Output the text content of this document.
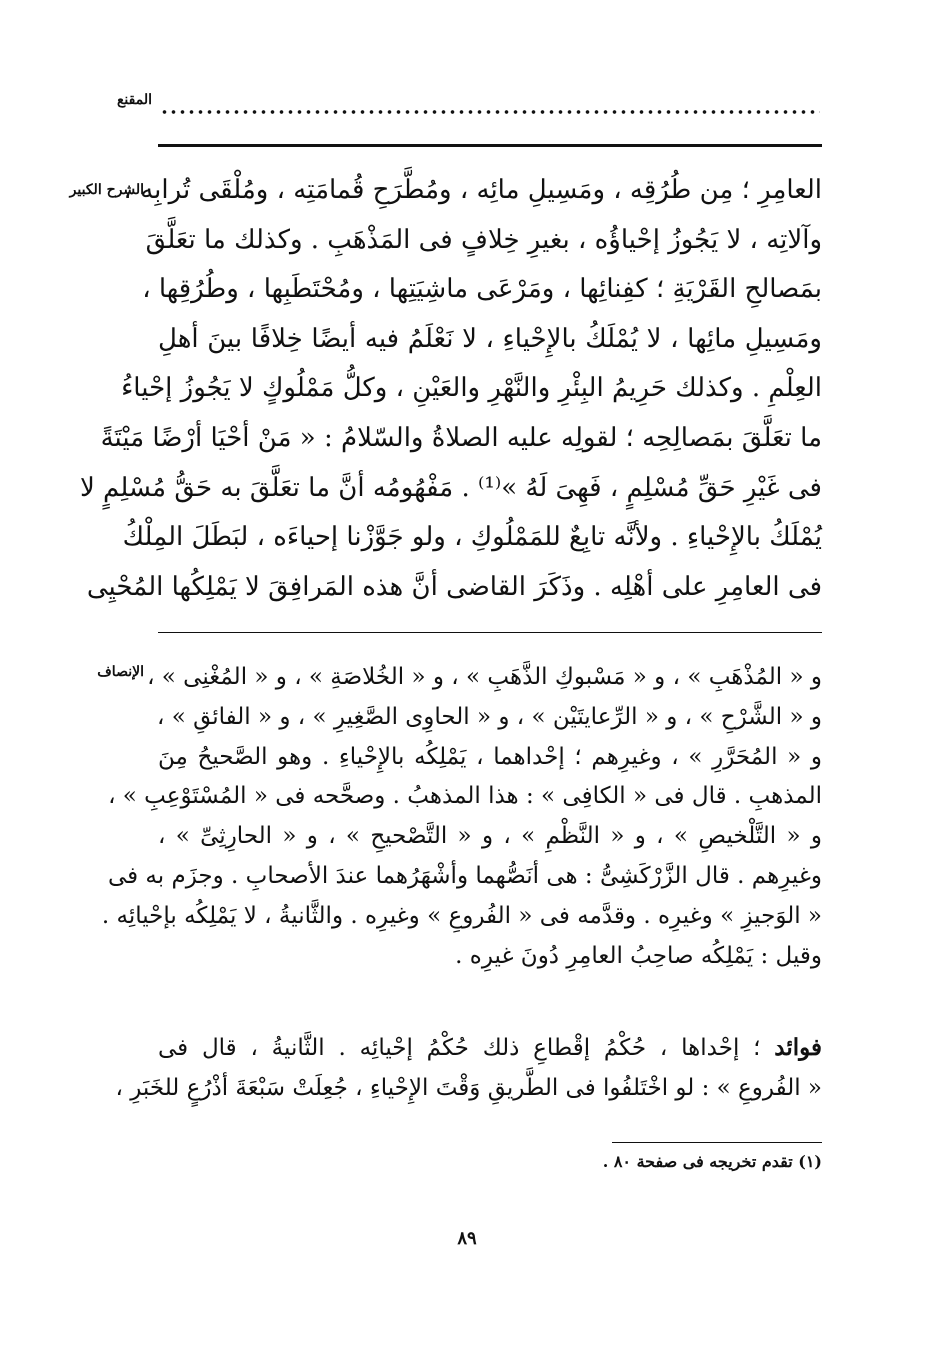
المقنع
الشرح الكبير
العامِرِ ؛ مِن طُرُقِه ، ومَسِيلِ مائِه ، ومُطَّرَحِ قُمامَتِه ، ومُلْقَى تُرابِه ،
وآلاتِه ، لا يَجُوزُ إحْياؤُه ، بغيرِ خِلافٍ فى المَذْهَبِ . وكذلك ما تعَلَّقَ
بمَصالحِ القَرْيَةِ ؛ كفِنائِها ، ومَرْعَى ماشِيَتِها ، ومُحْتَطَبِها ، وطُرُقِها ،
ومَسِيلِ مائِها ، لا يُمْلَكُ بالإِحْياءِ ، لا نَعْلَمُ فيه أيضًا خِلافًا بينَ أهلِ
العِلْمِ . وكذلك حَرِيمُ البِئْرِ والنَّهْرِ والعَيْنِ ، وكلُّ مَمْلُوكٍ لا يَجُوزُ إحْياءُ
ما تعَلَّقَ بمَصالِحِه ؛ لقولِه عليه الصلاةُ والسّلامُ : « مَنْ أحْيَا أرْضًا مَيْتَةً
فى غَيْرِ حَقِّ مُسْلِمٍ ، فَهِىَ لَهُ »⁽¹⁾ . مَفْهُومُه أنَّ ما تعَلَّقَ به حَقُّ مُسْلِمٍ لا
يُمْلَكُ بالإِحْياءِ . ولأنَّه تابِعٌ للمَمْلُوكِ ، ولو جَوَّزْنا إحياءَه ، لبَطَلَ المِلْكُ
فى العامِرِ على أهْلِه . وذَكَرَ القاضى أنَّ هذه المَرافِقَ لا يَمْلِكُها المُحْيِى
الإنصاف و « المُذْهَبِ » ، و « مَسْبوكِ الذَّهَبِ » ، و « الخُلاصَةِ » ، و « المُغْنِى » ،
و « الشَّرْحِ » ، و « الرِّعايتَيْن » ، و « الحاوِى الصَّغِيرِ » ، و « الفائقِ » ،
و « المُحَرَّرِ » ، وغيرِهم ؛ إحْداهما ، يَمْلِكُه بالإِحْياءِ . وهو الصَّحيحُ مِنَ
المذهبِ . قال فى « الكافِى » : هذا المذهبُ . وصحَّحه فى « المُسْتَوْعِبِ » ،
و « التَّلْخيصِ » ، و « النَّظْمِ » ، و « التَّصْحيحِ » ، و « الحارِثِىِّ » ،
وغيرِهم . قال الزَّرْكَشِىُّ : هى أنَصُّهما وأشْهَرُهما عندَ الأصحابِ . وجزَم به فى
« الوَجيزِ » وغيرِه . وقدَّمه فى « الفُروعِ » وغيرِه . والثَّانيةُ ، لا يَمْلِكُه بإحْيائِه .
وقيل : يَمْلِكُه صاحِبُ العامِرِ دُونَ غيرِه .
فوائد ؛ إحْداها ، حُكْمُ إقْطاعِ ذلك حُكْمُ إحْيائِه . الثَّانيةُ ، قال فى
« الفُروعِ » : لو اخْتَلفُوا فى الطَّريقِ وَقْتَ الإِحْياءِ ، جُعِلَتْ سَبْعَةَ أذْرُعٍ للخَبَرِ ،
(١) تقدم تخريجه فى صفحة ٨٠ .
٨٩
